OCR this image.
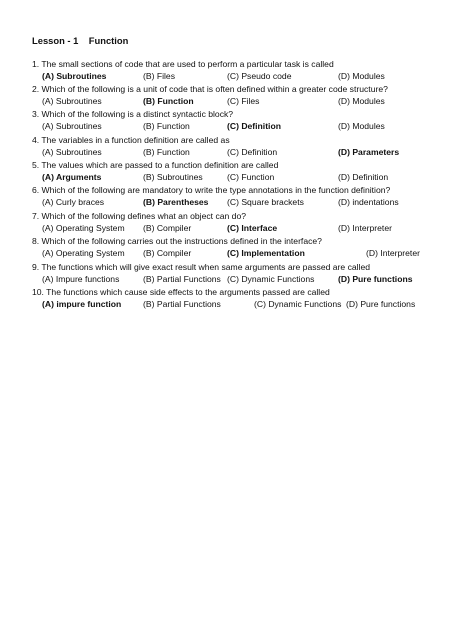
Lesson - 1    Function
1. The small sections of code that are used to perform a particular task is called
(A) Subroutines	(B) Files	(C) Pseudo code	(D) Modules
2. Which of the following is a unit of code that is often defined within a greater code structure?
(A) Subroutines	(B) Function	(C) Files	(D) Modules
3. Which of the following is a distinct syntactic block?
(A) Subroutines	(B) Function	(C) Definition	(D) Modules
4. The variables in a function definition are called as
(A) Subroutines	(B) Function	(C) Definition	(D) Parameters
5. The values which are passed to a function definition are called
(A) Arguments	(B) Subroutines	(C) Function	(D) Definition
6. Which of the following are mandatory to write the type annotations in the function definition?
(A) Curly braces	(B) Parentheses (C) Square brackets	(D) indentations
7. Which of the following defines what an object can do?
(A) Operating System (B) Compiler	(C) Interface	(D) Interpreter
8. Which of the following carries out the instructions defined in the interface?
(A) Operating System (B) Compiler	(C) Implementation	(D) Interpreter
9. The functions which will give exact result when same arguments are passed are called
(A) Impure functions	(B) Partial Functions (C) Dynamic Functions	(D) Pure functions
10. The functions which cause side effects to the arguments passed are called
(A) impure function	(B) Partial Functions	(C) Dynamic Functions (D) Pure functions
